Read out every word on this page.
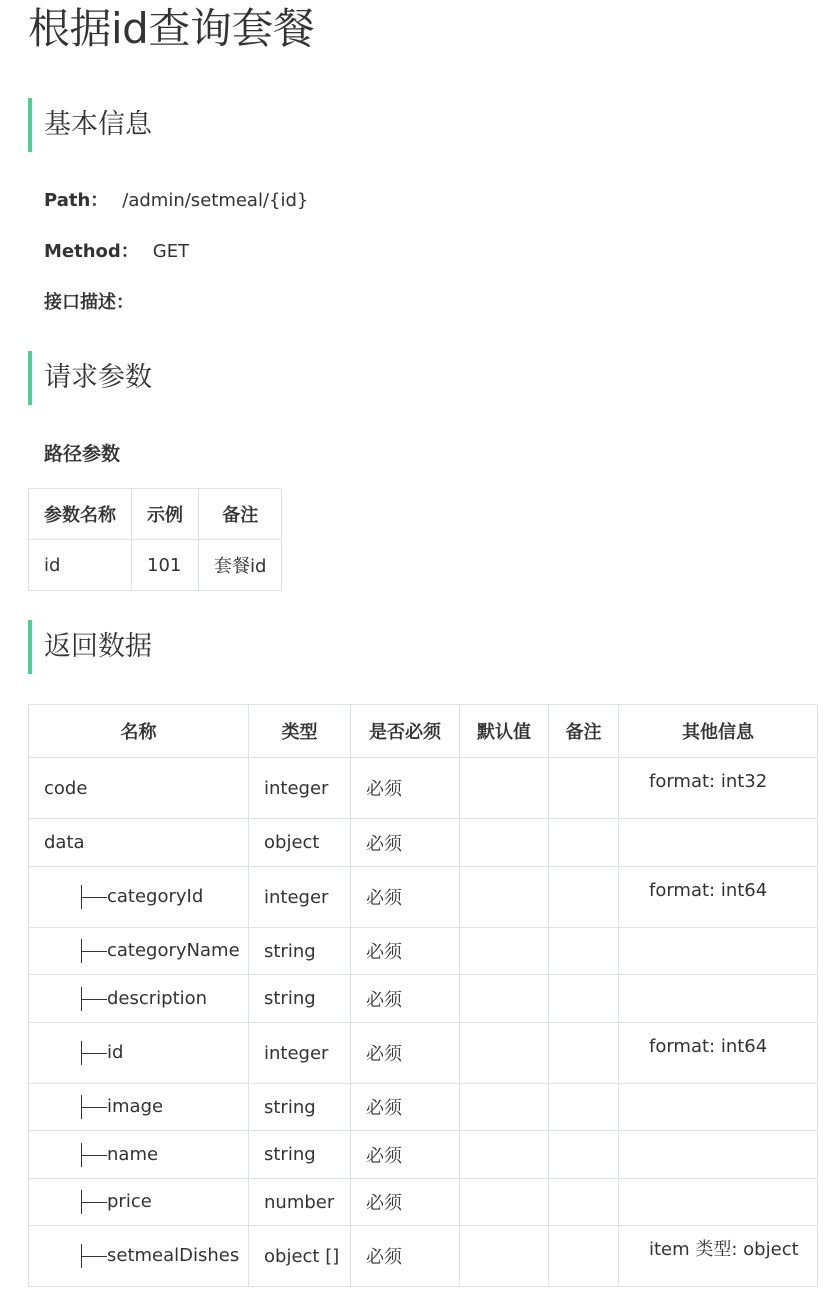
根据id查询套餐
基本信息
Path： /admin/setmeal/{id}
Method： GET
接口描述：
请求参数
路径参数
参数名称	示例	备注
id	101	套餐id
返回数据
名称	类型	是否必须	默认值	备注	其他信息
code	integer	必须			format: int32
data	object	必须			
categoryId	integer	必须			format: int64
categoryName	string	必须			
description	string	必须			
id	integer	必须			format: int64
image	string	必须			
name	string	必须			
price	number	必须			
setmealDishes	object []	必须			item 类型: object
